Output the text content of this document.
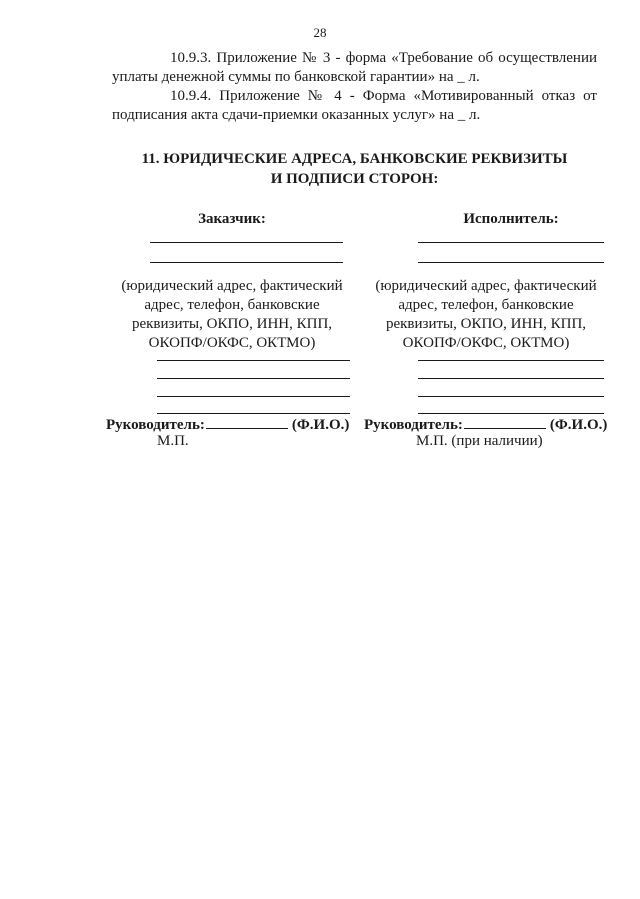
28
10.9.3. Приложение № 3 - форма «Требование об осуществлении уплаты денежной суммы по банковской гарантии» на _ л.
10.9.4. Приложение № 4 - Форма «Мотивированный отказ от подписания акта сдачи-приемки оказанных услуг» на _ л.
11. ЮРИДИЧЕСКИЕ АДРЕСА, БАНКОВСКИЕ РЕКВИЗИТЫ
И ПОДПИСИ СТОРОН:
Заказчик:
(юридический адрес, фактический
адрес, телефон, банковские
реквизиты, ОКПО, ИНН, КПП,
ОКОПФ/ОКФС, ОКТМО)
Руководитель:	(Ф.И.О.)
М.П.
Исполнитель:
(юридический адрес, фактический
адрес, телефон, банковские
реквизиты, ОКПО, ИНН, КПП,
ОКОПФ/ОКФС, ОКТМО)
Руководитель:	(Ф.И.О.)
М.П. (при наличии)
